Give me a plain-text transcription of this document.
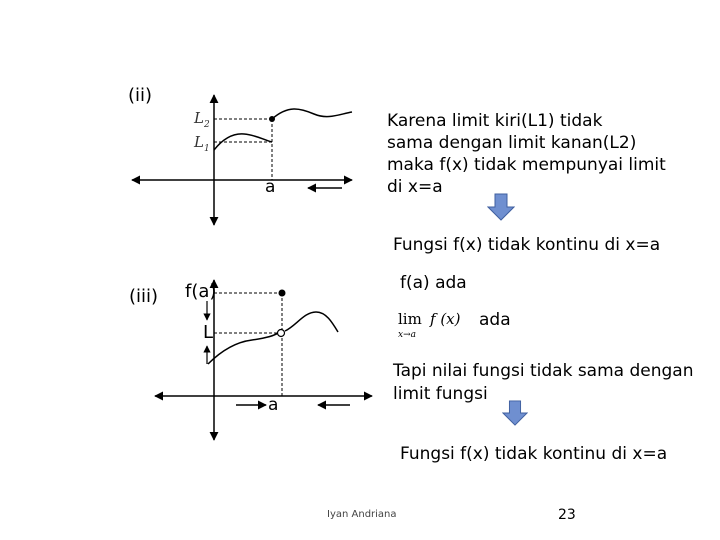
(ii)
$L_2$
$L_1$
a
Karena limit kiri(L1) tidak
sama dengan limit kanan(L2)
maka f(x) tidak mempunyai limit
di x=a
Fungsi f(x) tidak kontinu di x=a
(iii) f(a)
L
a
f(a) ada
lim f (x)
x→a
ada
Tapi nilai fungsi tidak sama dengan
limit fungsi
Fungsi f(x) tidak kontinu di x=a
Iyan Andriana	23
